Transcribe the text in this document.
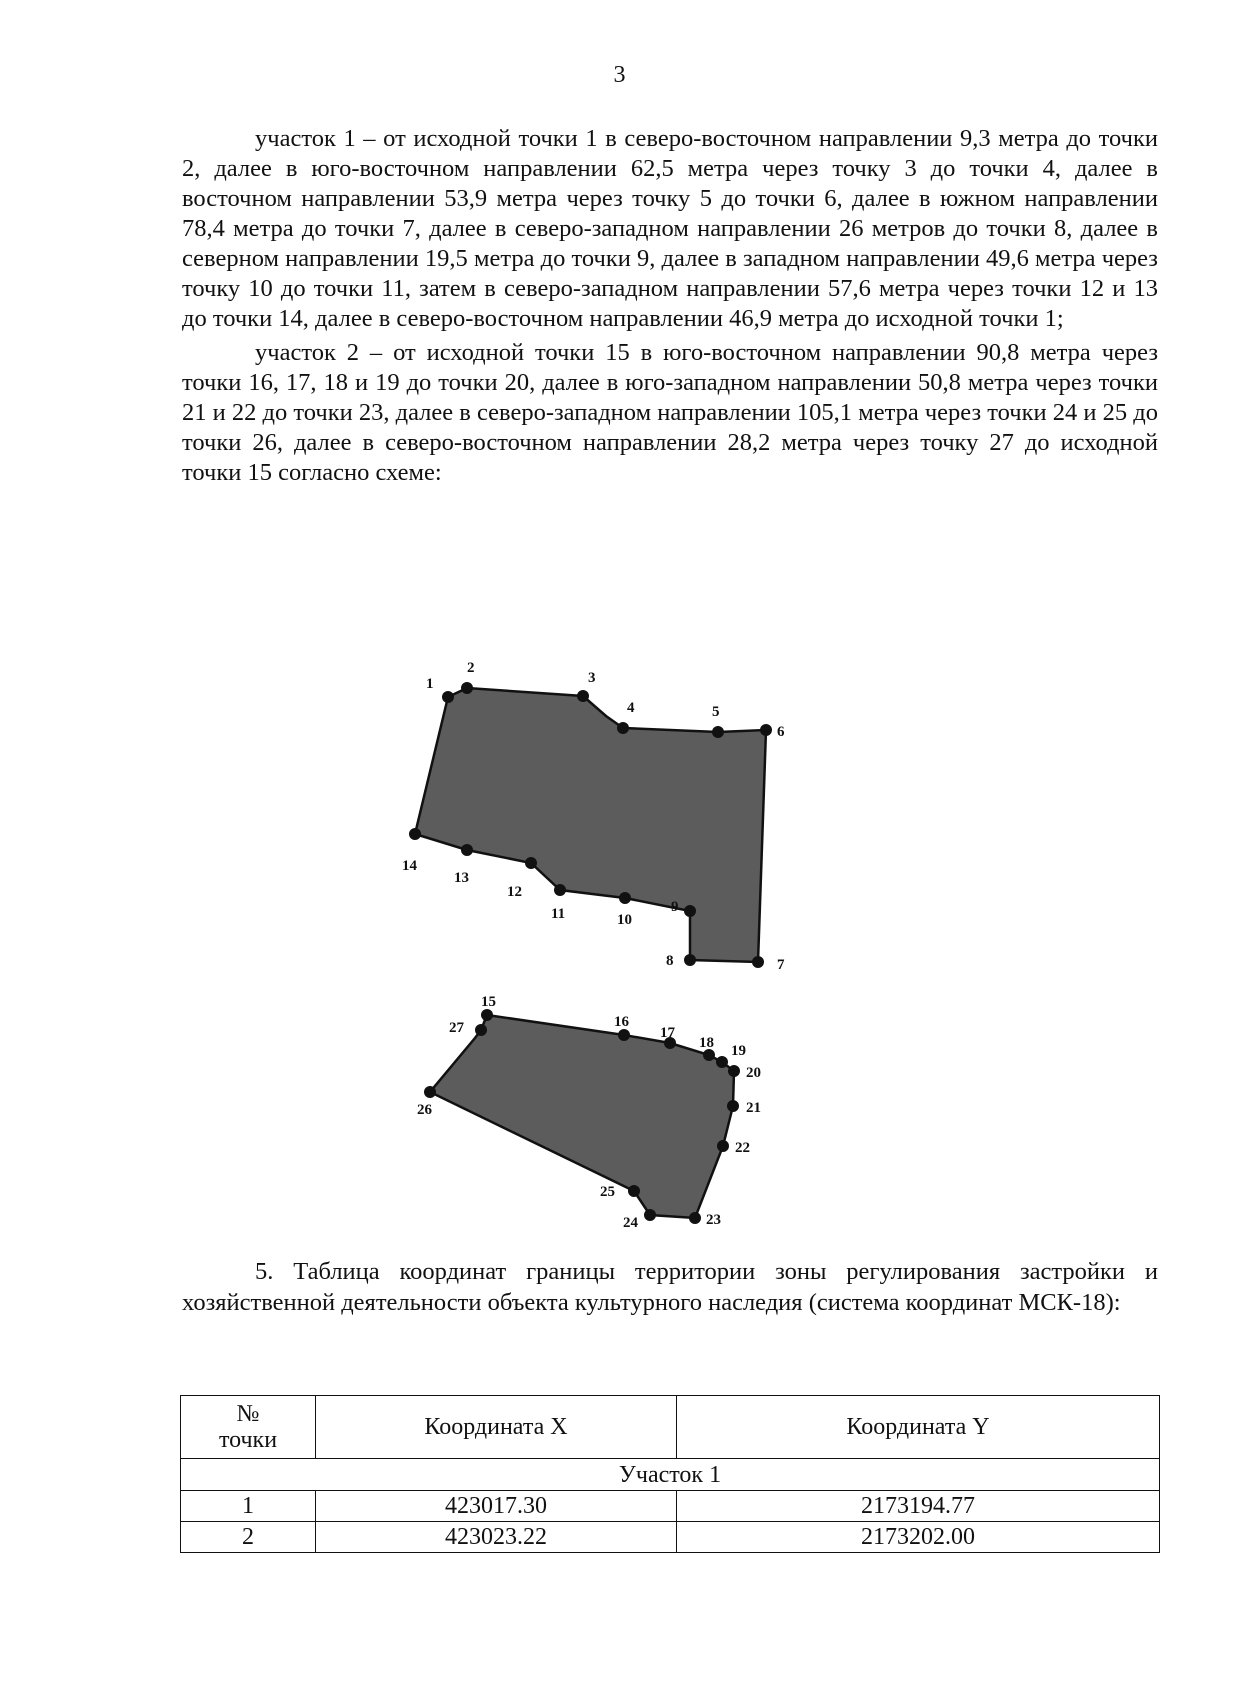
3

участок 1 – от исходной точки 1 в северо-восточном направлении 9,3 метра до точки 2, далее в юго-восточном направлении 62,5 метра через точку 3 до точки 4, далее в восточном направлении 53,9 метра через точку 5 до точки 6, далее в южном направлении 78,4 метра до точки 7, далее в северо-западном направлении 26 метров до точки 8, далее в северном направлении 19,5 метра до точки 9, далее в западном направлении 49,6 метра через точку 10 до точки 11, затем в северо-западном направлении 57,6 метра через точки 12 и 13 до точки 14, далее в северо-восточном направлении 46,9 метра до исходной точки 1;

участок 2 – от исходной точки 15 в юго-восточном направлении 90,8 метра через точки 16, 17, 18 и 19 до точки 20, далее в юго-западном направлении 50,8 метра через точки 21 и 22 до точки 23, далее в северо-западном направлении 105,1 метра через точки 24 и 25 до точки 26, далее в северо-восточном направлении 28,2 метра через точку 27 до исходной точки 15 согласно схеме:

1
2
3
4	5
6
7
8
9
10
11
12
13
14
15
16
17
18 19
20
21
22
23
24
25
26
27

5. Таблица координат границы территории зоны регулирования застройки и хозяйственной деятельности объекта культурного наследия (система координат МСК-18):

№
точки	Координата X	Координата Y
Участок 1		
1	423017.30	2173194.77
2	423023.22	2173202.00
